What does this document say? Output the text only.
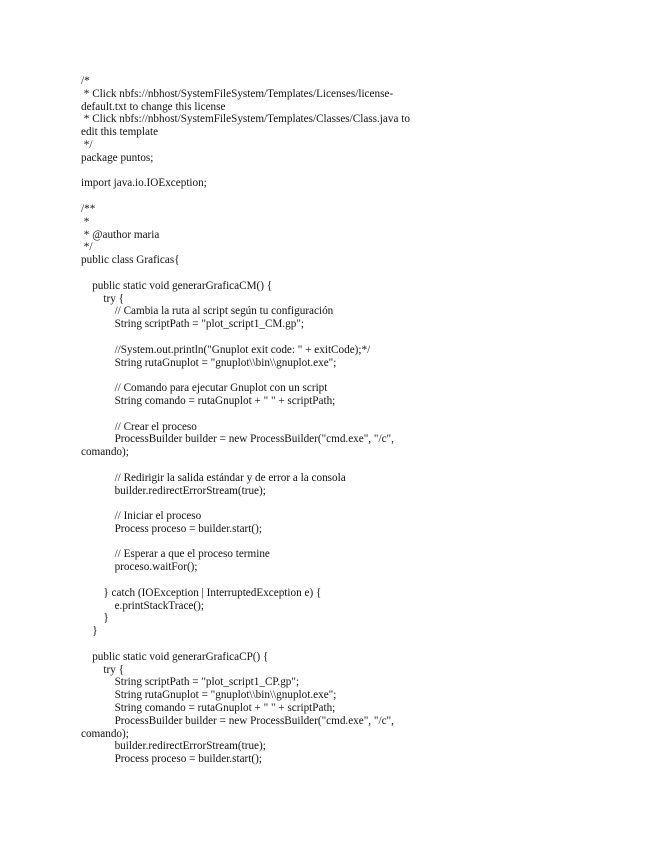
/*
* Click nbfs://nbhost/SystemFileSystem/Templates/Licenses/license-
default.txt to change this license
* Click nbfs://nbhost/SystemFileSystem/Templates/Classes/Class.java to
edit this template
*/
package puntos;
import java.io.IOException;
/**
*
* @author maria
*/
public class Graficas{
public static void generarGraficaCM() {
try {
// Cambia la ruta al script según tu configuración
String scriptPath = "plot_script1_CM.gp";
//System.out.println("Gnuplot exit code: " + exitCode);*/
String rutaGnuplot = "gnuplot\\bin\\gnuplot.exe";
// Comando para ejecutar Gnuplot con un script
String comando = rutaGnuplot + " " + scriptPath;
// Crear el proceso
ProcessBuilder builder = new ProcessBuilder("cmd.exe", "/c",
comando);
// Redirigir la salida estándar y de error a la consola
builder.redirectErrorStream(true);
// Iniciar el proceso
Process proceso = builder.start();
// Esperar a que el proceso termine
proceso.waitFor();
} catch (IOException | InterruptedException e) {
e.printStackTrace();
}
}
public static void generarGraficaCP() {
try {
String scriptPath = "plot_script1_CP.gp";
String rutaGnuplot = "gnuplot\\bin\\gnuplot.exe";
String comando = rutaGnuplot + " " + scriptPath;
ProcessBuilder builder = new ProcessBuilder("cmd.exe", "/c",
comando);
builder.redirectErrorStream(true);
Process proceso = builder.start();
